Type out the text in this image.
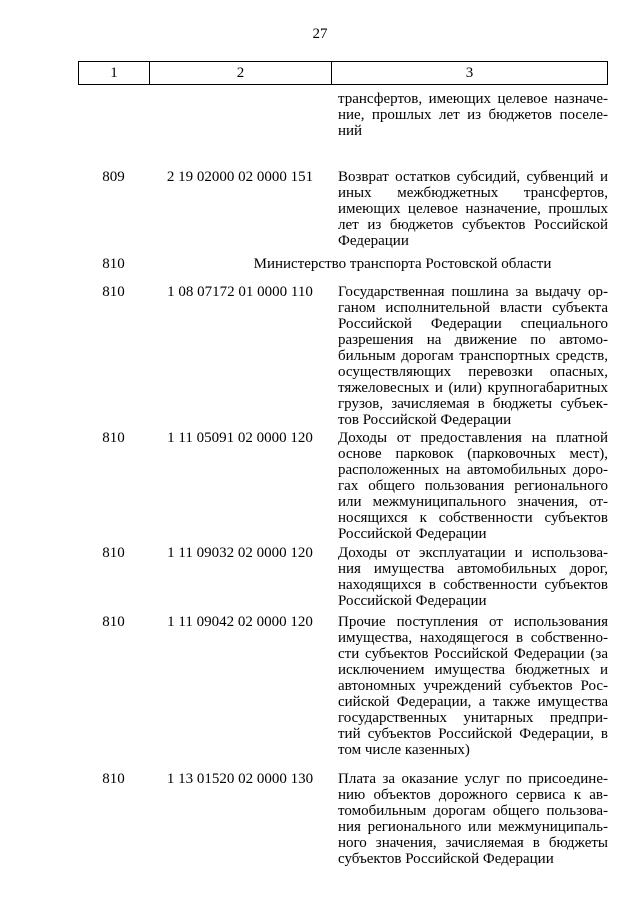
27
1	2	3
трансфертов, имеющих целевое назначе-
ние, прошлых лет из бюджетов поселе-
ний
809	2 19 02000 02 0000 151	Возврат остатков субсидий, субвенций и
иных межбюджетных трансфертов,
имеющих целевое назначение, прошлых
лет из бюджетов субъектов Российской
Федерации
810	Министерство транспорта Ростовской области
810	1 08 07172 01 0000 110	Государственная пошлина за выдачу ор-
ганом исполнительной власти субъекта
Российской Федерации специального
разрешения на движение по автомо-
бильным дорогам транспортных средств,
осуществляющих перевозки опасных,
тяжеловесных и (или) крупногабаритных
грузов, зачисляемая в бюджеты субъек-
тов Российской Федерации
810	1 11 05091 02 0000 120	Доходы от предоставления на платной
основе парковок (парковочных мест),
расположенных на автомобильных доро-
гах общего пользования регионального
или межмуниципального значения, от-
носящихся к собственности субъектов
Российской Федерации
810	1 11 09032 02 0000 120	Доходы от эксплуатации и использова-
ния имущества автомобильных дорог,
находящихся в собственности субъектов
Российской Федерации
810	1 11 09042 02 0000 120	Прочие поступления от использования
имущества, находящегося в собственно-
сти субъектов Российской Федерации (за
исключением имущества бюджетных и
автономных учреждений субъектов Рос-
сийской Федерации, а также имущества
государственных унитарных предпри-
тий субъектов Российской Федерации, в
том числе казенных)
810	1 13 01520 02 0000 130	Плата за оказание услуг по присоедине-
нию объектов дорожного сервиса к ав-
томобильным дорогам общего пользова-
ния регионального или межмуниципаль-
ного значения, зачисляемая в бюджеты
субъектов Российской Федерации
